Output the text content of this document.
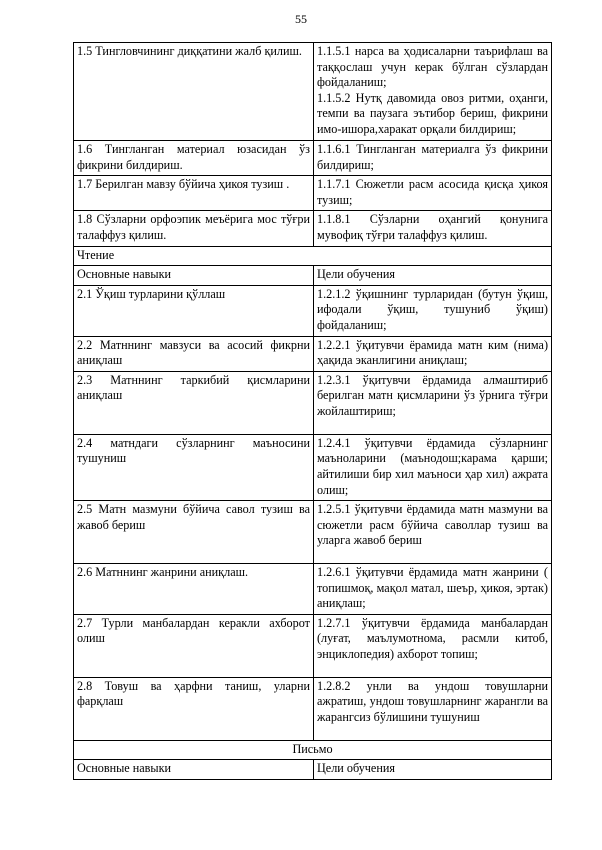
55
1.5 Тингловчининг диққатини жалб қилиш.	1.1.5.1 нарса ва ҳодисаларни таърифлаш ва таққослаш учун керак бўлган сўзлардан фойдаланиш;
1.1.5.2 Нутқ давомида овоз ритми, оҳанги, темпи ва паузага эътибор бериш, фикрини имо-ишора,харакат орқали билдириш;

1.6 Тингланган материал юзасидан ўз фикрини билдириш.	1.1.6.1 Тингланган материалга ўз фикрини билдириш;

1.7 Берилган мавзу бўйича ҳикоя тузиш .	1.1.7.1 Сюжетли расм асосида қисқа ҳикоя тузиш;

1.8 Сўзларни орфоэпик меъёрига мос тўғри талаффуз қилиш.	1.1.8.1 Сўзларни оҳангий қонунига мувофиқ тўғри талаффуз қилиш.

Чтение	
Основные навыки	Цели обучения
2.1 Ўқиш турларини қўллаш	1.2.1.2 ўқишнинг турларидан (бутун ўқиш, ифодали ўқиш, тушуниб ўқиш) фойдаланиш;

2.2 Матннинг мавзуси ва асосий фикрни аниқлаш	1.2.2.1 ўқитувчи ёрамида матн ким (нима) ҳақида эканлигини аниқлаш;

2.3 Матннинг таркибий қисмларини аниқлаш	1.2.3.1 ўқитувчи ёрдамида алмаштириб берилган матн қисмларини ўз ўрнига тўғри жойлаштириш;

2.4 матндаги сўзларнинг маъносини тушуниш	1.2.4.1 ўқитувчи ёрдамида сўзларнинг маъноларини (маънодош;карама қарши; айтилиши бир хил маъноси ҳар хил) ажрата олиш;

2.5 Матн мазмуни бўйича савол тузиш ва жавоб бериш	1.2.5.1 ўқитувчи ёрдамида матн мазмуни ва сюжетли расм бўйича саволлар тузиш ва уларга жавоб бериш

2.6 Матннинг жанрини аниқлаш.	1.2.6.1 ўқитувчи ёрдамида матн жанрини ( топишмоқ, мақол матал, шеър, ҳикоя, эртак) аниқлаш;

2.7 Турли манбалардан керакли ахборот олиш	1.2.7.1 ўқитувчи ёрдамида манбалардан (луғат, маълумотнома, расмли китоб, энциклопедия) ахборот топиш;

2.8 Товуш ва ҳарфни таниш, уларни фарқлаш	1.2.8.2 унли ва ундош товушларни ажратиш, ундош товушларнинг жарангли ва жарангсиз бўлишини тушуниш

Письмо	
Основные навыки	Цели обучения
